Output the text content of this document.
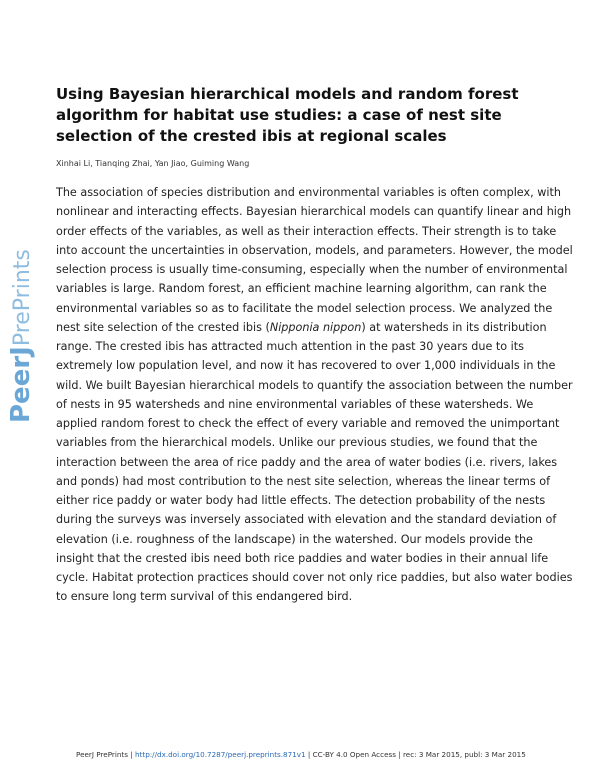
PeerJPrePrints
Using Bayesian hierarchical models and random forest algorithm for habitat use studies: a case of nest site selection of the crested ibis at regional scales
Xinhai Li, Tianqing Zhai, Yan Jiao, Guiming Wang

The association of species distribution and environmental variables is often complex, with nonlinear and interacting effects. Bayesian hierarchical models can quantify linear and high order effects of the variables, as well as their interaction effects. Their strength is to take into account the uncertainties in observation, models, and parameters. However, the model selection process is usually time-consuming, especially when the number of environmental variables is large. Random forest, an efficient machine learning algorithm, can rank the environmental variables so as to facilitate the model selection process. We analyzed the nest site selection of the crested ibis (Nipponia nippon) at watersheds in its distribution range. The crested ibis has attracted much attention in the past 30 years due to its extremely low population level, and now it has recovered to over 1,000 individuals in the wild. We built Bayesian hierarchical models to quantify the association between the number of nests in 95 watersheds and nine environmental variables of these watersheds. We applied random forest to check the effect of every variable and removed the unimportant variables from the hierarchical models. Unlike our previous studies, we found that the interaction between the area of rice paddy and the area of water bodies (i.e. rivers, lakes and ponds) had most contribution to the nest site selection, whereas the linear terms of either rice paddy or water body had little effects. The detection probability of the nests during the surveys was inversely associated with elevation and the standard deviation of elevation (i.e. roughness of the landscape) in the watershed. Our models provide the insight that the crested ibis need both rice paddies and water bodies in their annual life cycle. Habitat protection practices should cover not only rice paddies, but also water bodies to ensure long term survival of this endangered bird.

PeerJ PrePrints | http://dx.doi.org/10.7287/peerj.preprints.871v1 | CC-BY 4.0 Open Access | rec: 3 Mar 2015, publ: 3 Mar 2015
